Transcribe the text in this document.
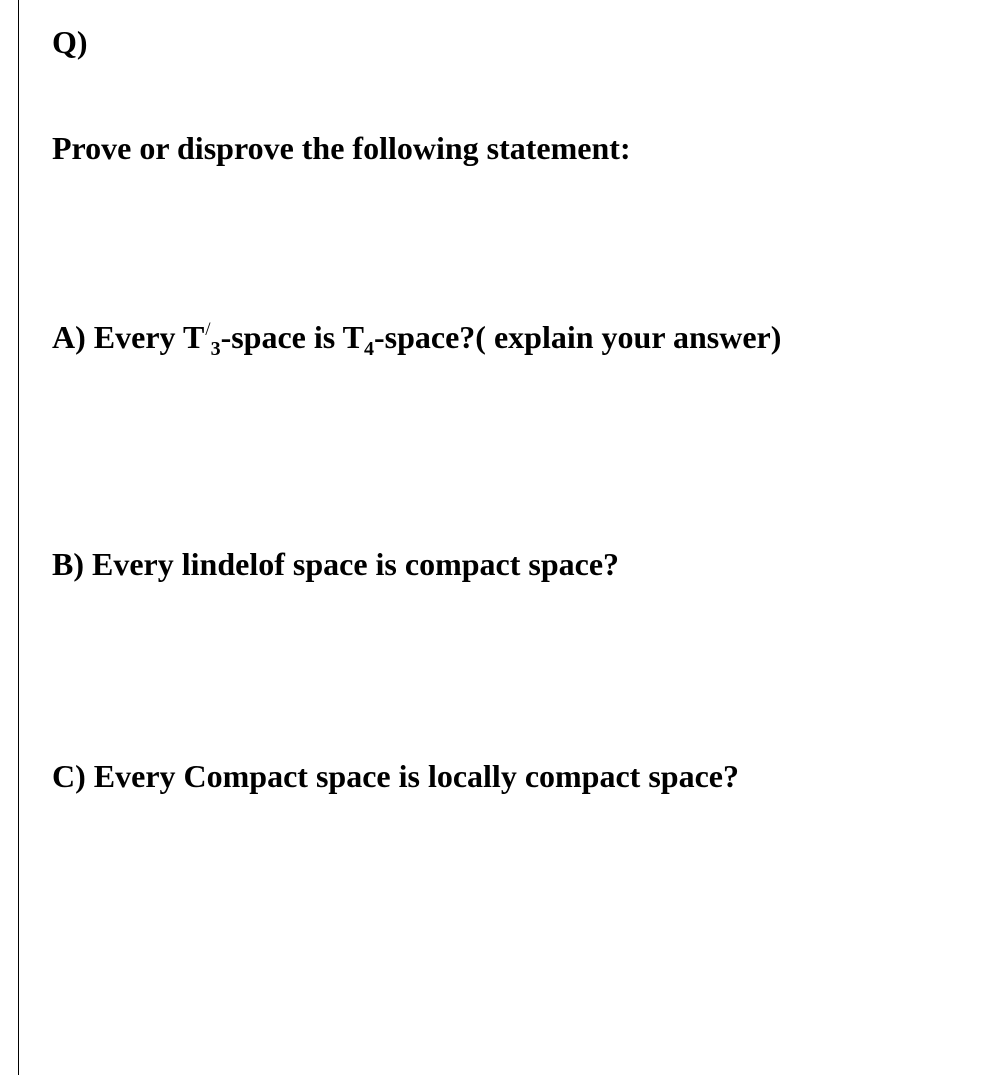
Q)

Prove or disprove the following statement:

A) Every $T^/_3$-space is $T_4-space$?( explain your answer)

B) Every lindelof space is compact space?

C) Every Compact space is locally compact space?
